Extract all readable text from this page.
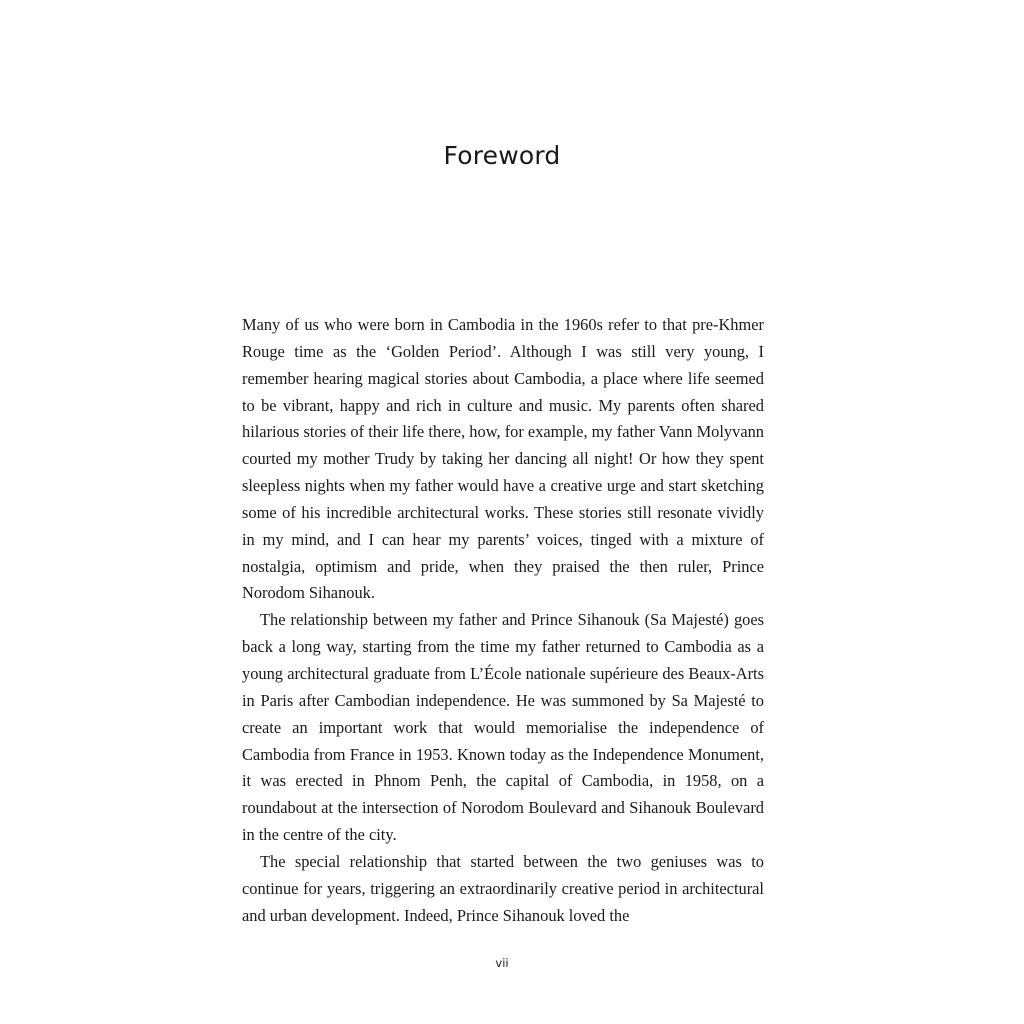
Foreword

Many of us who were born in Cambodia in the 1960s refer to that pre-Khmer Rouge time as the ‘Golden Period’. Although I was still very young, I remember hearing magical stories about Cambodia, a place where life seemed to be vibrant, happy and rich in culture and music. My parents often shared hilarious stories of their life there, how, for example, my father Vann Molyvann courted my mother Trudy by taking her dancing all night! Or how they spent sleepless nights when my father would have a creative urge and start sketching some of his incredible architectural works. These stories still resonate vividly in my mind, and I can hear my parents’ voices, tinged with a mixture of nostalgia, optimism and pride, when they praised the then ruler, Prince Norodom Sihanouk.

The relationship between my father and Prince Sihanouk (Sa Majesté) goes back a long way, starting from the time my father returned to Cambodia as a young architectural graduate from L’École nationale supérieure des Beaux-Arts in Paris after Cambodian independence. He was summoned by Sa Majesté to create an important work that would memorialise the independence of Cambodia from France in 1953. Known today as the Independence Monument, it was erected in Phnom Penh, the capital of Cambodia, in 1958, on a roundabout at the intersection of Norodom Boulevard and Sihanouk Boulevard in the centre of the city.

The special relationship that started between the two geniuses was to continue for years, triggering an extraordinarily creative period in architectural and urban development. Indeed, Prince Sihanouk loved the

vii
